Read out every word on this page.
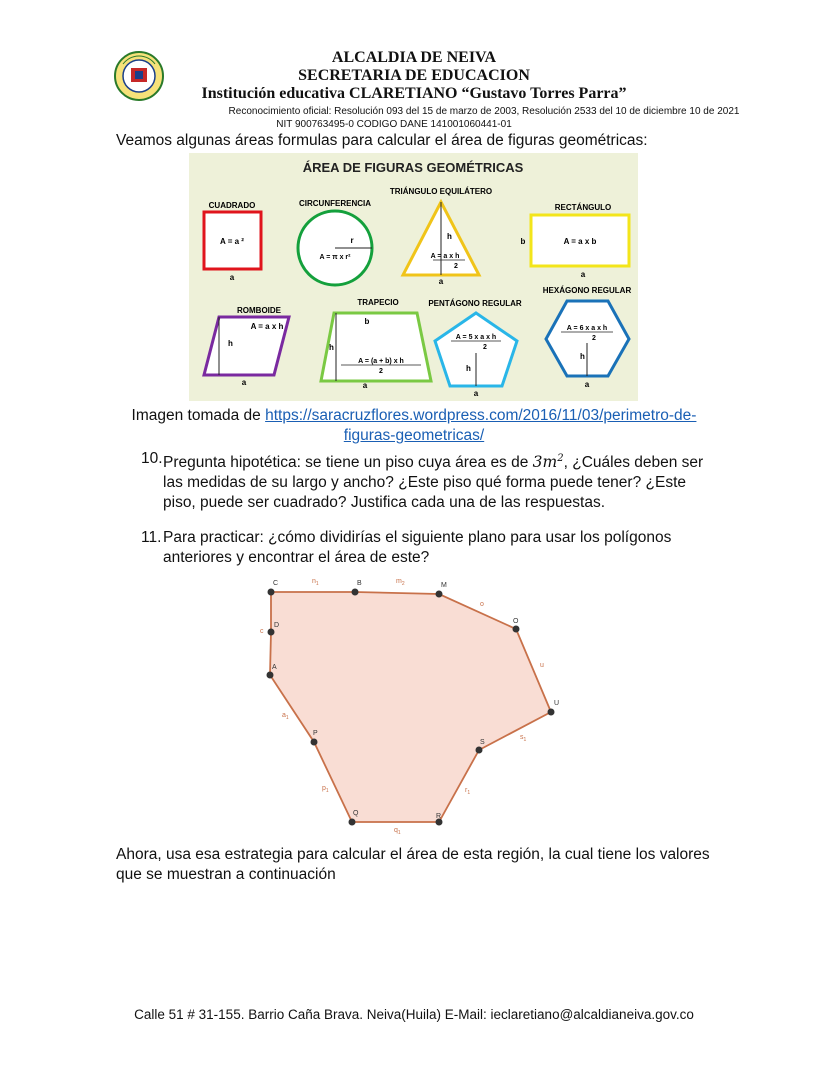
ALCALDIA DE NEIVA
SECRETARIA DE EDUCACION
Institución educativa CLARETIANO “Gustavo Torres Parra”
Reconocimiento oficial: Resolución 093 del 15 de marzo de 2003, Resolución 2533 del 10 de diciembre 10 de 2021
NIT 900763495-0 CODIGO DANE 141001060441-01
Veamos algunas áreas formulas para calcular el área de figuras geométricas:
ÁREA DE FIGURAS GEOMÉTRICAS
CUADRADO
A = a ²
a
CIRCUNFERENCIA
r
A = π x r²
TRIÁNGULO EQUILÁTERO
h
A = a x h
2
a
RECTÁNGULO
A = a x b
b
a
ROMBOIDE
A = a x h
h
a
TRAPECIO
b
h
A = (a + b) x h
2
a
PENTÁGONO REGULAR
A = 5 x a x h
2
h
a
HEXÁGONO REGULAR
A = 6 x a x h
2
h
a
Imagen tomada de https://saracruzflores.wordpress.com/2016/11/03/perimetro-de-
figuras-geometricas/
10. Pregunta hipotética: se tiene un piso cuya área es de $3m^2$, ¿Cuáles deben ser las medidas de su largo y ancho? ¿Este piso qué forma puede tener? ¿Este piso, puede ser cuadrado? Justifica cada una de las respuestas.
11. Para practicar: ¿cómo dividirías el siguiente plano para usar los polígonos anteriores y encontrar el área de este?
C	B	M
O
U
S
R
Q
P
A
D
$n_1$	$m_2$
o
u
$s_1$
$r_1$
$q_1$
$p_1$
$a_1$
c
Ahora, usa esa estrategia para calcular el área de esta región, la cual tiene los valores que se muestran a continuación
Calle 51 # 31-155. Barrio Caña Brava. Neiva(Huila) E-Mail: ieclaretiano@alcaldianeiva.gov.co
